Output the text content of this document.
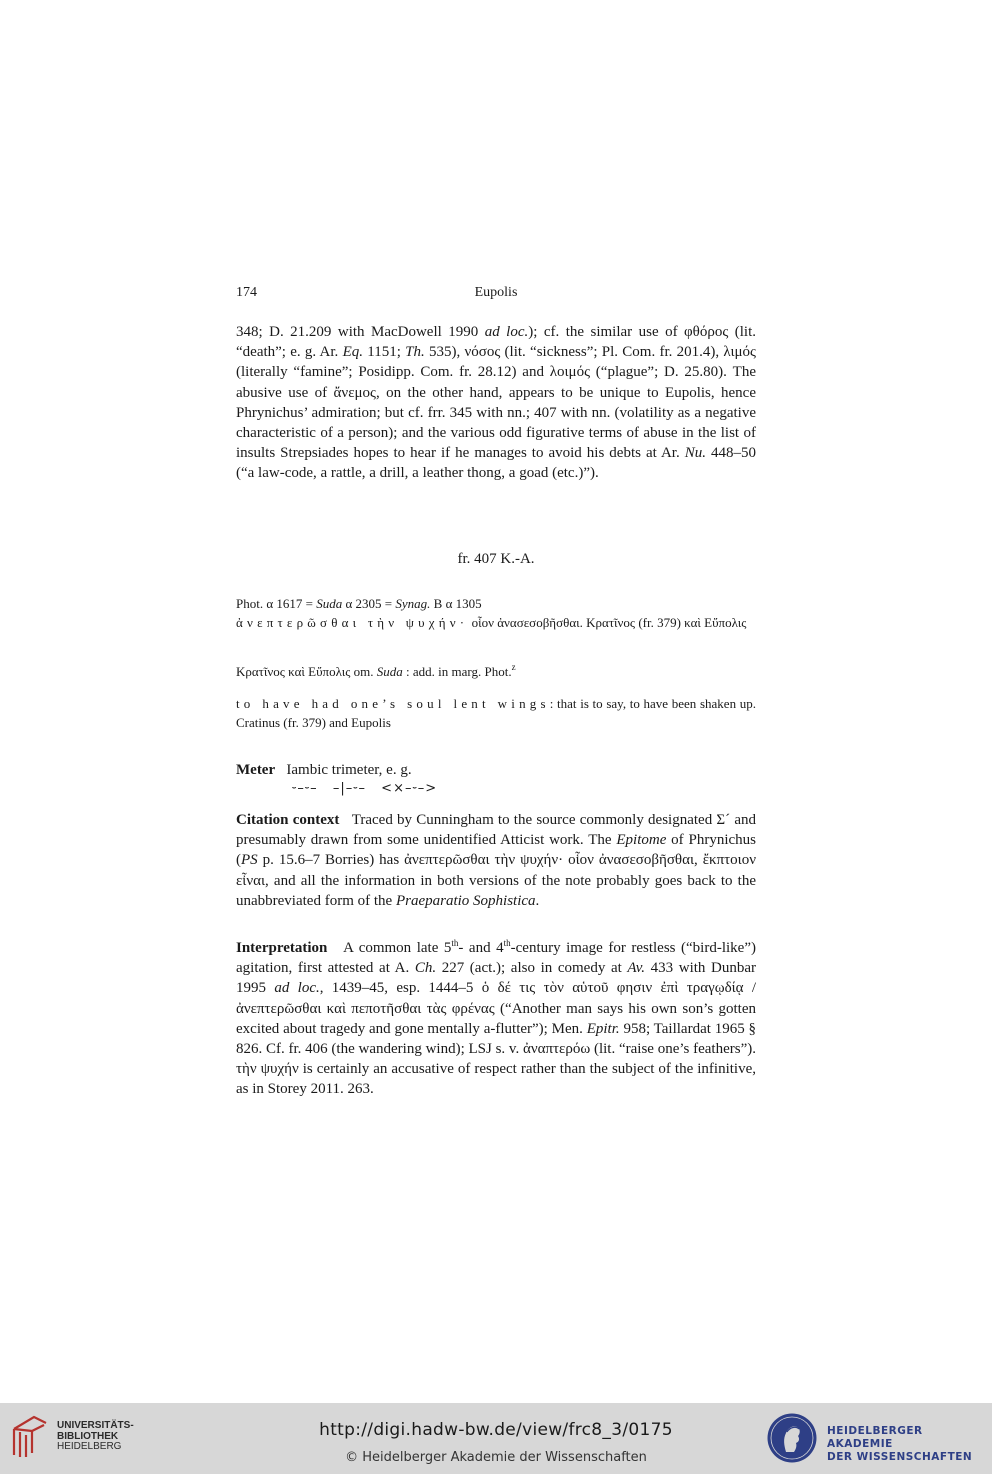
174	Eupolis

348; D. 21.209 with MacDowell 1990 ad loc.); cf. the similar use of φθόρος (lit. “death”; e. g. Ar. Eq. 1151; Th. 535), νόσος (lit. “sickness”; Pl. Com. fr. 201.4), λιμός (literally “famine”; Posidipp. Com. fr. 28.12) and λοιμός (“plague”; D. 25.80). The abusive use of ἄνεμος, on the other hand, appears to be unique to Eupolis, hence Phrynichus’ admiration; but cf. frr. 345 with nn.; 407 with nn. (volatility as a negative characteristic of a person); and the various odd figurative terms of abuse in the list of insults Strepsiades hopes to hear if he manages to avoid his debts at Ar. Nu. 448–50 (“a law-code, a rattle, a drill, a leather thong, a goad (etc.)”).

fr. 407 K.-A.

Phot. α 1617 = Suda α 2305 = Synag. B α 1305
ἀνεπτερῶσθαι τὴν ψυχήν· οἷον ἀνασεσοβῆσθαι. Κρατῖνος (fr. 379) καὶ Εὔπολις

Κρατῖνος καὶ Εὔπολις om. Suda : add. in marg. Phot.$^z$

to have had one’s soul lent wings: that is to say, to have been shaken up. Cratinus (fr. 379) and Eupolis

Meter Iambic trimeter, e. g.

⏑–⏑– –|–⏑– <×–⏑–>

Citation context Traced by Cunningham to the source commonly designated Σ´ and presumably drawn from some unidentified Atticist work. The Epitome of Phrynichus (PS p. 15.6–7 Borries) has ἀνεπτερῶσθαι τὴν ψυχήν· οἷον ἀνασεσοβῆσθαι, ἔκπτοιον εἶναι, and all the information in both versions of the note probably goes back to the unabbreviated form of the Praeparatio Sophistica.

Interpretation A common late 5th- and 4th-century image for restless (“bird-like”) agitation, first attested at A. Ch. 227 (act.); also in comedy at Av. 433 with Dunbar 1995 ad loc., 1439–45, esp. 1444–5 ὁ δέ τις τὸν αὑτοῦ φησιν ἐπὶ τραγῳδίᾳ / ἀνεπτερῶσθαι καὶ πεποτῆσθαι τὰς φρένας (“Another man says his own son’s gotten excited about tragedy and gone mentally a-flutter”); Men. Epitr. 958; Taillardat 1965 § 826. Cf. fr. 406 (the wandering wind); LSJ s. v. ἀναπτερόω (lit. “raise one’s feathers”). τὴν ψυχήν is certainly an accusative of respect rather than the subject of the infinitive, as in Storey 2011. 263.

UNIVERSITÄTS-
BIBLIOTHEK
HEIDELBERG
http://digi.hadw-bw.de/view/frc8_3/0175
© Heidelberger Akademie der Wissenschaften
HEIDELBERGER AKADEMIE
DER WISSENSCHAFTEN
